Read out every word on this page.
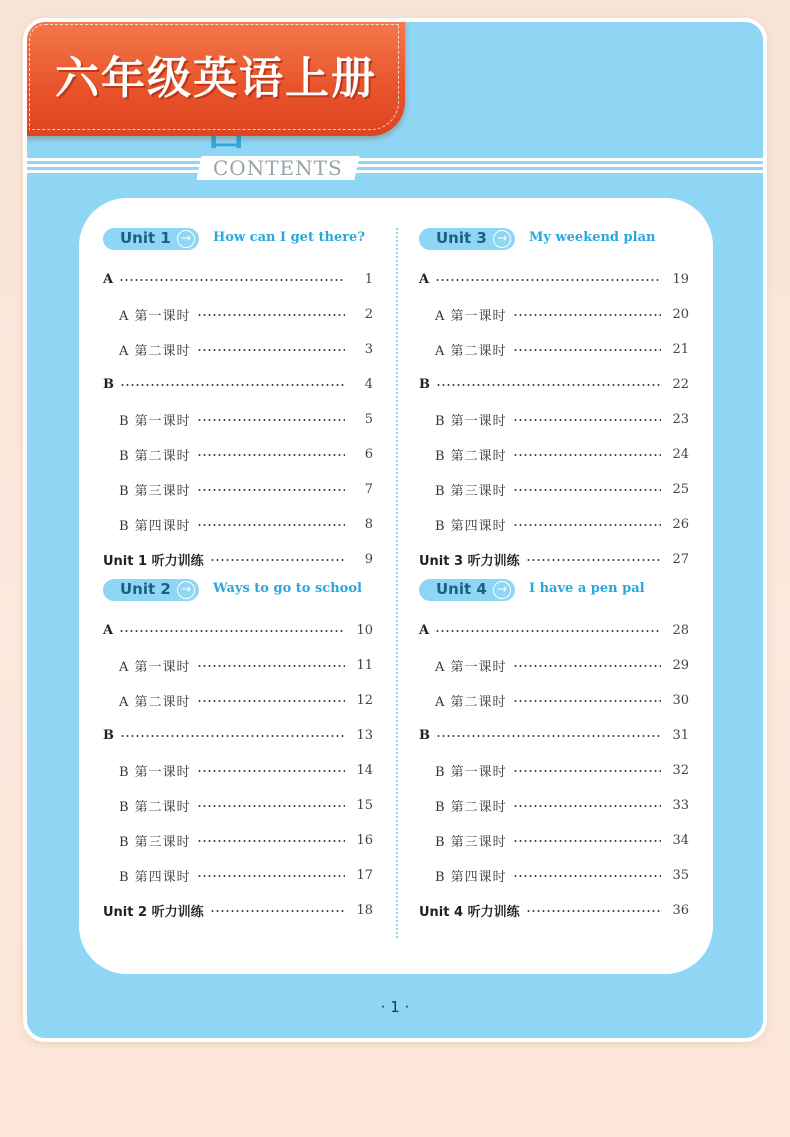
CONTENTS
六年级英语上册
Unit 1 →	How can I get there?
A	1
A 第一课时	2
A 第二课时	3
B	4
B 第一课时	5
B 第二课时	6
B 第三课时	7
B 第四课时	8
Unit 1 听力训练	9
Unit 2 →	Ways to go to school
A	10
A 第一课时	11
A 第二课时	12
B	13
B 第一课时	14
B 第二课时	15
B 第三课时	16
B 第四课时	17
Unit 2 听力训练	18
Unit 3 →	My weekend plan
A	19
A 第一课时	20
A 第二课时	21
B	22
B 第一课时	23
B 第二课时	24
B 第三课时	25
B 第四课时	26
Unit 3 听力训练	27
Unit 4 →	I have a pen pal
A	28
A 第一课时	29
A 第二课时	30
B	31
B 第一课时	32
B 第二课时	33
B 第三课时	34
B 第四课时	35
Unit 4 听力训练	36
· 1 ·
